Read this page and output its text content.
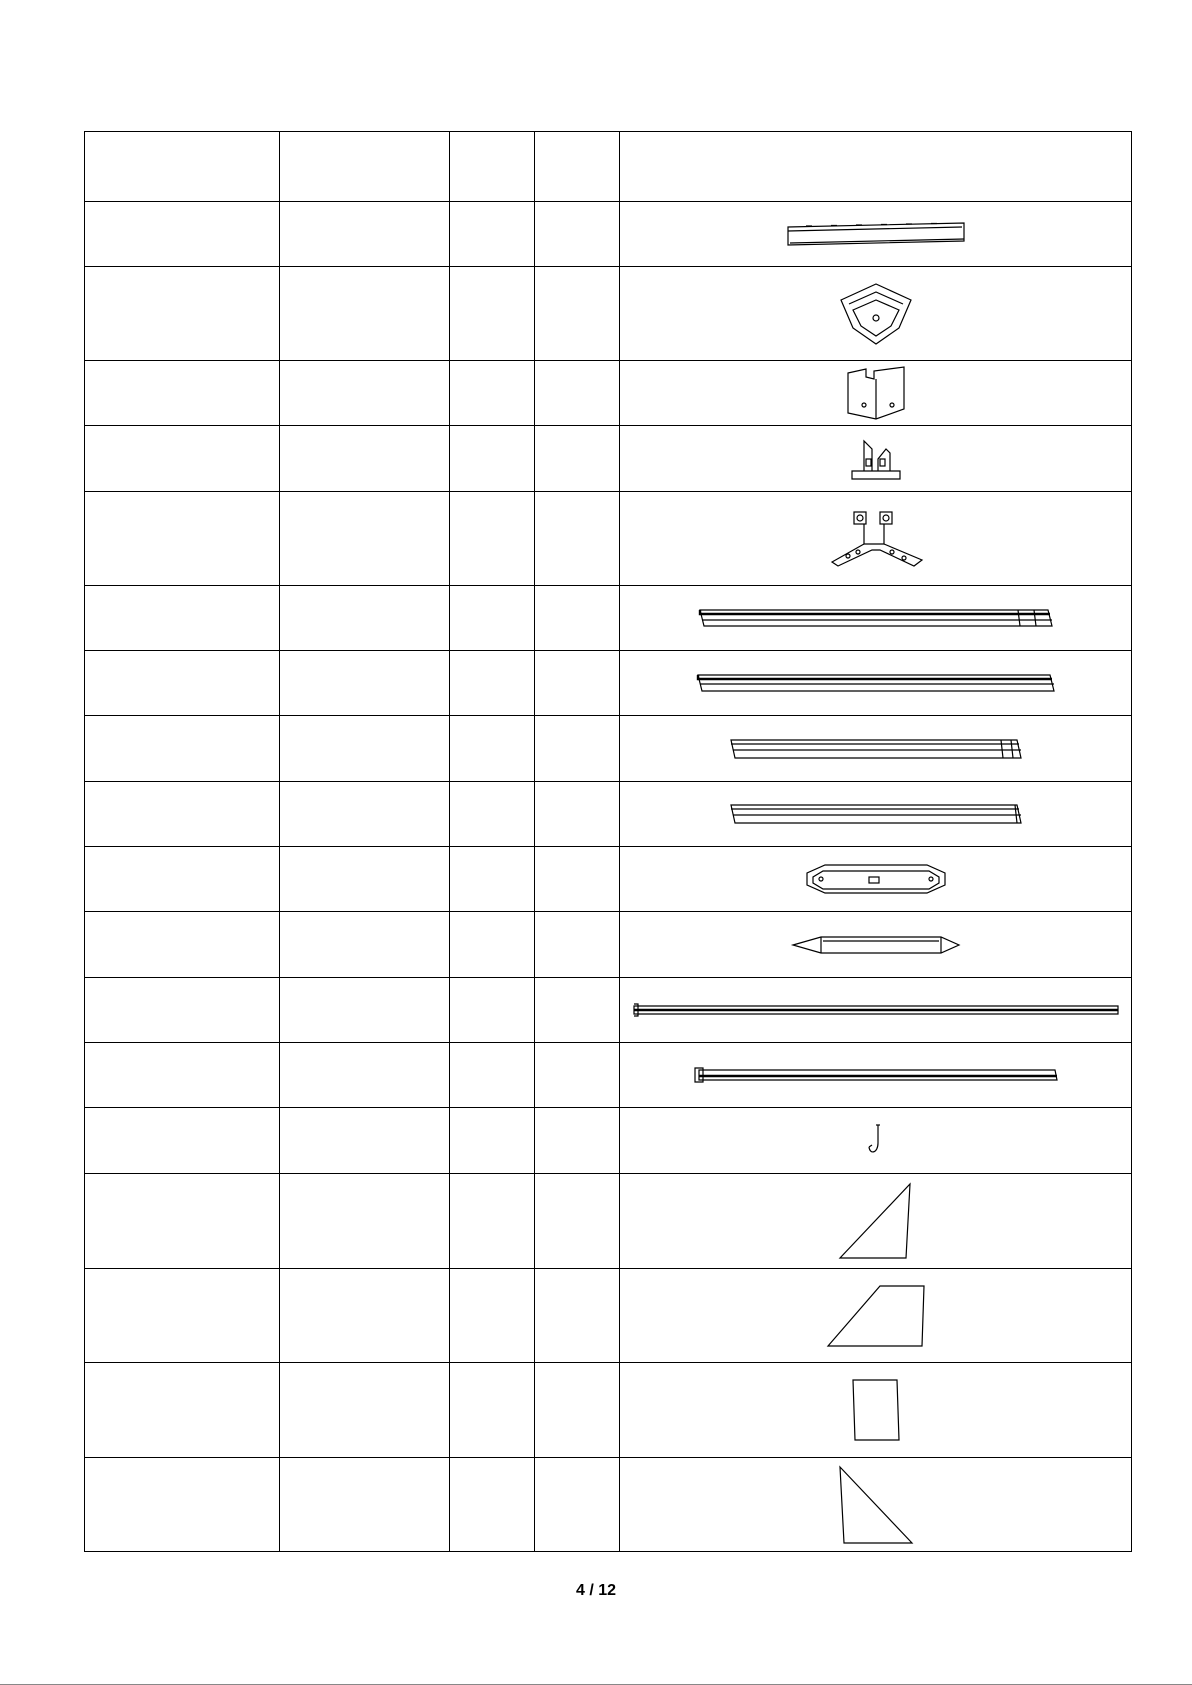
4 / 12
